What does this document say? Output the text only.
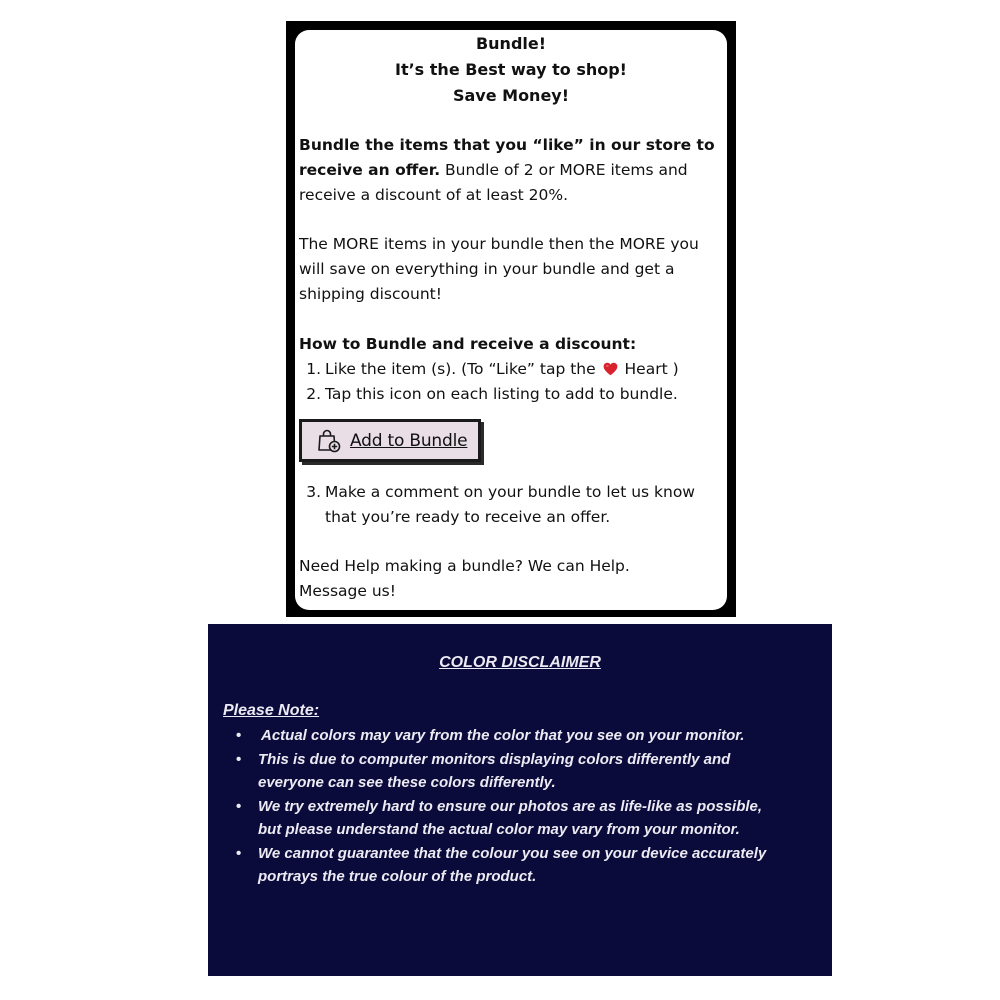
Bundle!
It’s the Best way to shop!
Save Money!
Bundle the items that you “like” in our store to
receive an offer. Bundle of 2 or MORE items and
receive a discount of at least 20%.
The MORE items in your bundle then the MORE you
will save on everything in your bundle and get a
shipping discount!
How to Bundle and receive a discount:
1. Like the item (s). (To “Like” tap the Heart )
2. Tap this icon on each listing to add to bundle.
Add to Bundle
3. Make a comment on your bundle to let us know
that you’re ready to receive an offer.
Need Help making a bundle? We can Help.
Message us!
COLOR DISCLAIMER
Please Note:
• Actual colors may vary from the color that you see on your monitor.
• This is due to computer monitors displaying colors differently and
everyone can see these colors differently.
• We try extremely hard to ensure our photos are as life-like as possible,
but please understand the actual color may vary from your monitor.
• We cannot guarantee that the colour you see on your device accurately
portrays the true colour of the product.
